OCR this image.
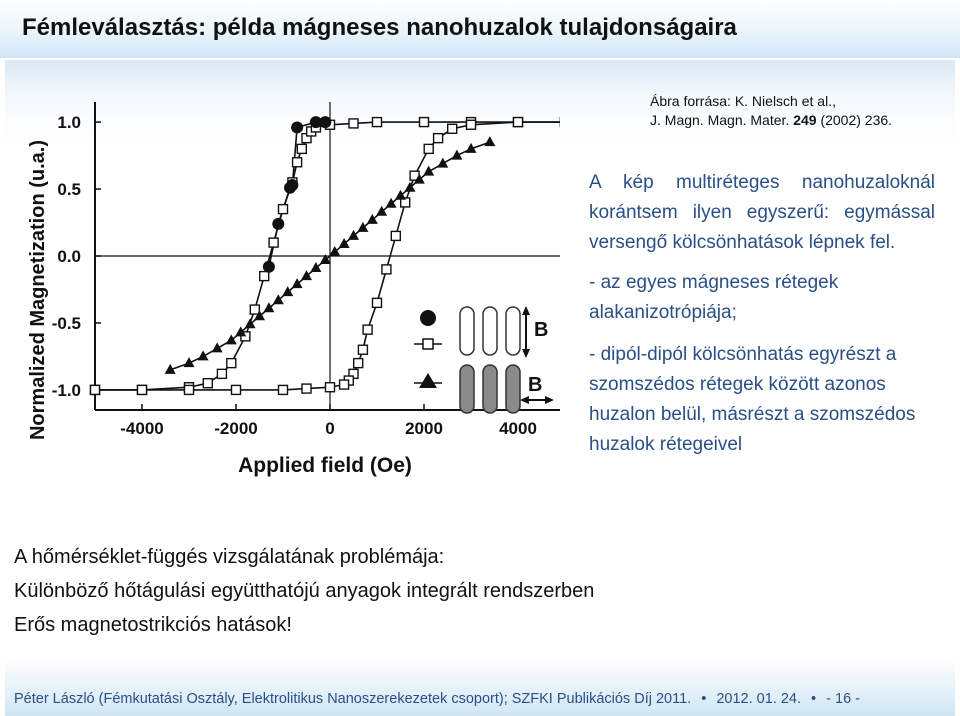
Fémleválasztás: példa mágneses nanohuzalok tulajdonságaira
-4000	-2000	0	2000	4000
-1.0
-0.5
0.0
0.5
1.0
Applied field (Oe)
Normalized Magnetization (u.a.)	B
B
Ábra forrása: K. Nielsch et al.,
J. Magn. Magn. Mater. 249 (2002) 236.

A kép multiréteges nanohuzaloknál korántsem ilyen egyszerű: egymással versengő kölcsönhatások lépnek fel.

- az egyes mágneses rétegek alakanizotrópiája;

- dipól-dipól kölcsönhatás egyrészt a szomszédos rétegek között azonos huzalon belül, másrészt a szomszédos huzalok rétegeivel

A hőmérséklet-függés vizsgálatának problémája:
Különböző hőtágulási együtthatójú anyagok integrált rendszerben
Erős magnetostrikciós hatások!
Péter László (Fémkutatási Osztály, Elektrolitikus Nanoszerekezetek csoport); SZFKI Publikációs Díj 2011. • 2012. 01. 24. • - 16 -
